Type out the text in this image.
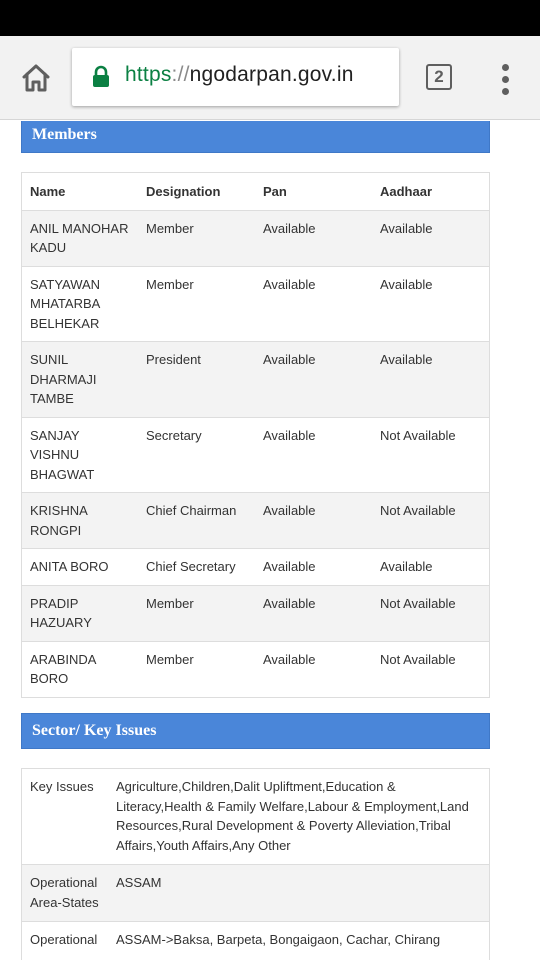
https://ngodarpan.gov.in	2
Members
Name	Designation	Pan	Aadhaar
ANIL MANOHAR KADU	Member	Available	Available
SATYAWAN MHATARBA BELHEKAR	Member	Available	Available
SUNIL DHARMAJI TAMBE	President	Available	Available
SANJAY VISHNU BHAGWAT	Secretary	Available	Not Available
KRISHNA RONGPI	Chief Chairman	Available	Not Available
ANITA BORO	Chief Secretary	Available	Available
PRADIP HAZUARY	Member	Available	Not Available
ARABINDA BORO	Member	Available	Not Available
Sector/ Key Issues
Key Issues	Agriculture,Children,Dalit Upliftment,Education & Literacy,Health & Family Welfare,Labour & Employment,Land Resources,Rural Development & Poverty Alleviation,Tribal Affairs,Youth Affairs,Any Other
Operational Area-States	ASSAM
Operational	ASSAM->Baksa, Barpeta, Bongaigaon, Cachar, Chirang
